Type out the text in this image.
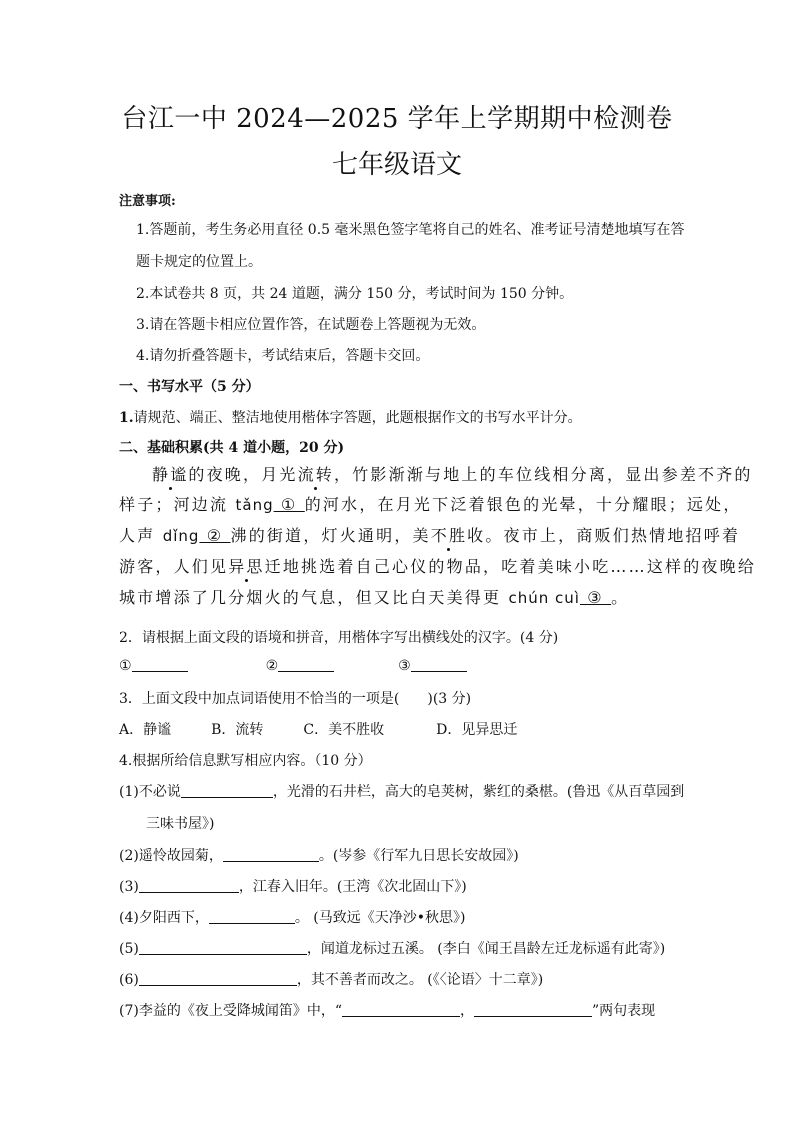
台江一中 2024—2025 学年上学期期中检测卷
七年级语文
注意事项:
1.答题前，考生务必用直径 0.5 毫米黑色签字笔将自己的姓名、准考证号清楚地填写在答
题卡规定的位置上。
2.本试卷共 8 页，共 24 道题，满分 150 分，考试时间为 150 分钟。
3.请在答题卡相应位置作答，在试题卷上答题视为无效。
4.请勿折叠答题卡，考试结束后，答题卡交回。
一、书写水平（5 分）
1.请规范、端正、整洁地使用楷体字答题，此题根据作文的书写水平计分。
二、基础积累(共 4 道小题，20 分)
静谧的夜晚，月光流转，竹影渐渐与地上的车位线相分离，显出参差不齐的
样子；河边流 tǎng ① 的河水，在月光下泛着银色的光晕，十分耀眼；远处，
人声 dǐng ② 沸的街道，灯火通明，美不胜收。夜市上，商贩们热情地招呼着
游客，人们见异思迁地挑选着自己心仪的物品，吃着美味小吃……这样的夜晚给
城市增添了几分烟火的气息，但又比白天美得更 chún cuì ③ 。
2．请根据上面文段的语境和拼音，用楷体字写出横线处的汉字。(4 分)
①	②	③
3．上面文段中加点词语使用不恰当的一项是(　　)(3 分)
A．静谧	B．流转	C．美不胜收	D．见异思迁
4.根据所给信息默写相应内容。（10 分）
(1)不必说	，光滑的石井栏，高大的皂荚树，紫红的桑椹。(鲁迅《从百草园到
三味书屋》)
(2)遥怜故园菊，	。(岑参《行军九日思长安故园》)
(3)	，江春入旧年。(王湾《次北固山下》)
(4)夕阳西下，	。 (马致远《天净沙•秋思》)
(5)	，闻道龙标过五溪。 (李白《闻王昌龄左迁龙标遥有此寄》)
(6)	，其不善者而改之。 (《〈论语〉十二章》)
(7)李益的《夜上受降城闻笛》中，“	，	”两句表现
